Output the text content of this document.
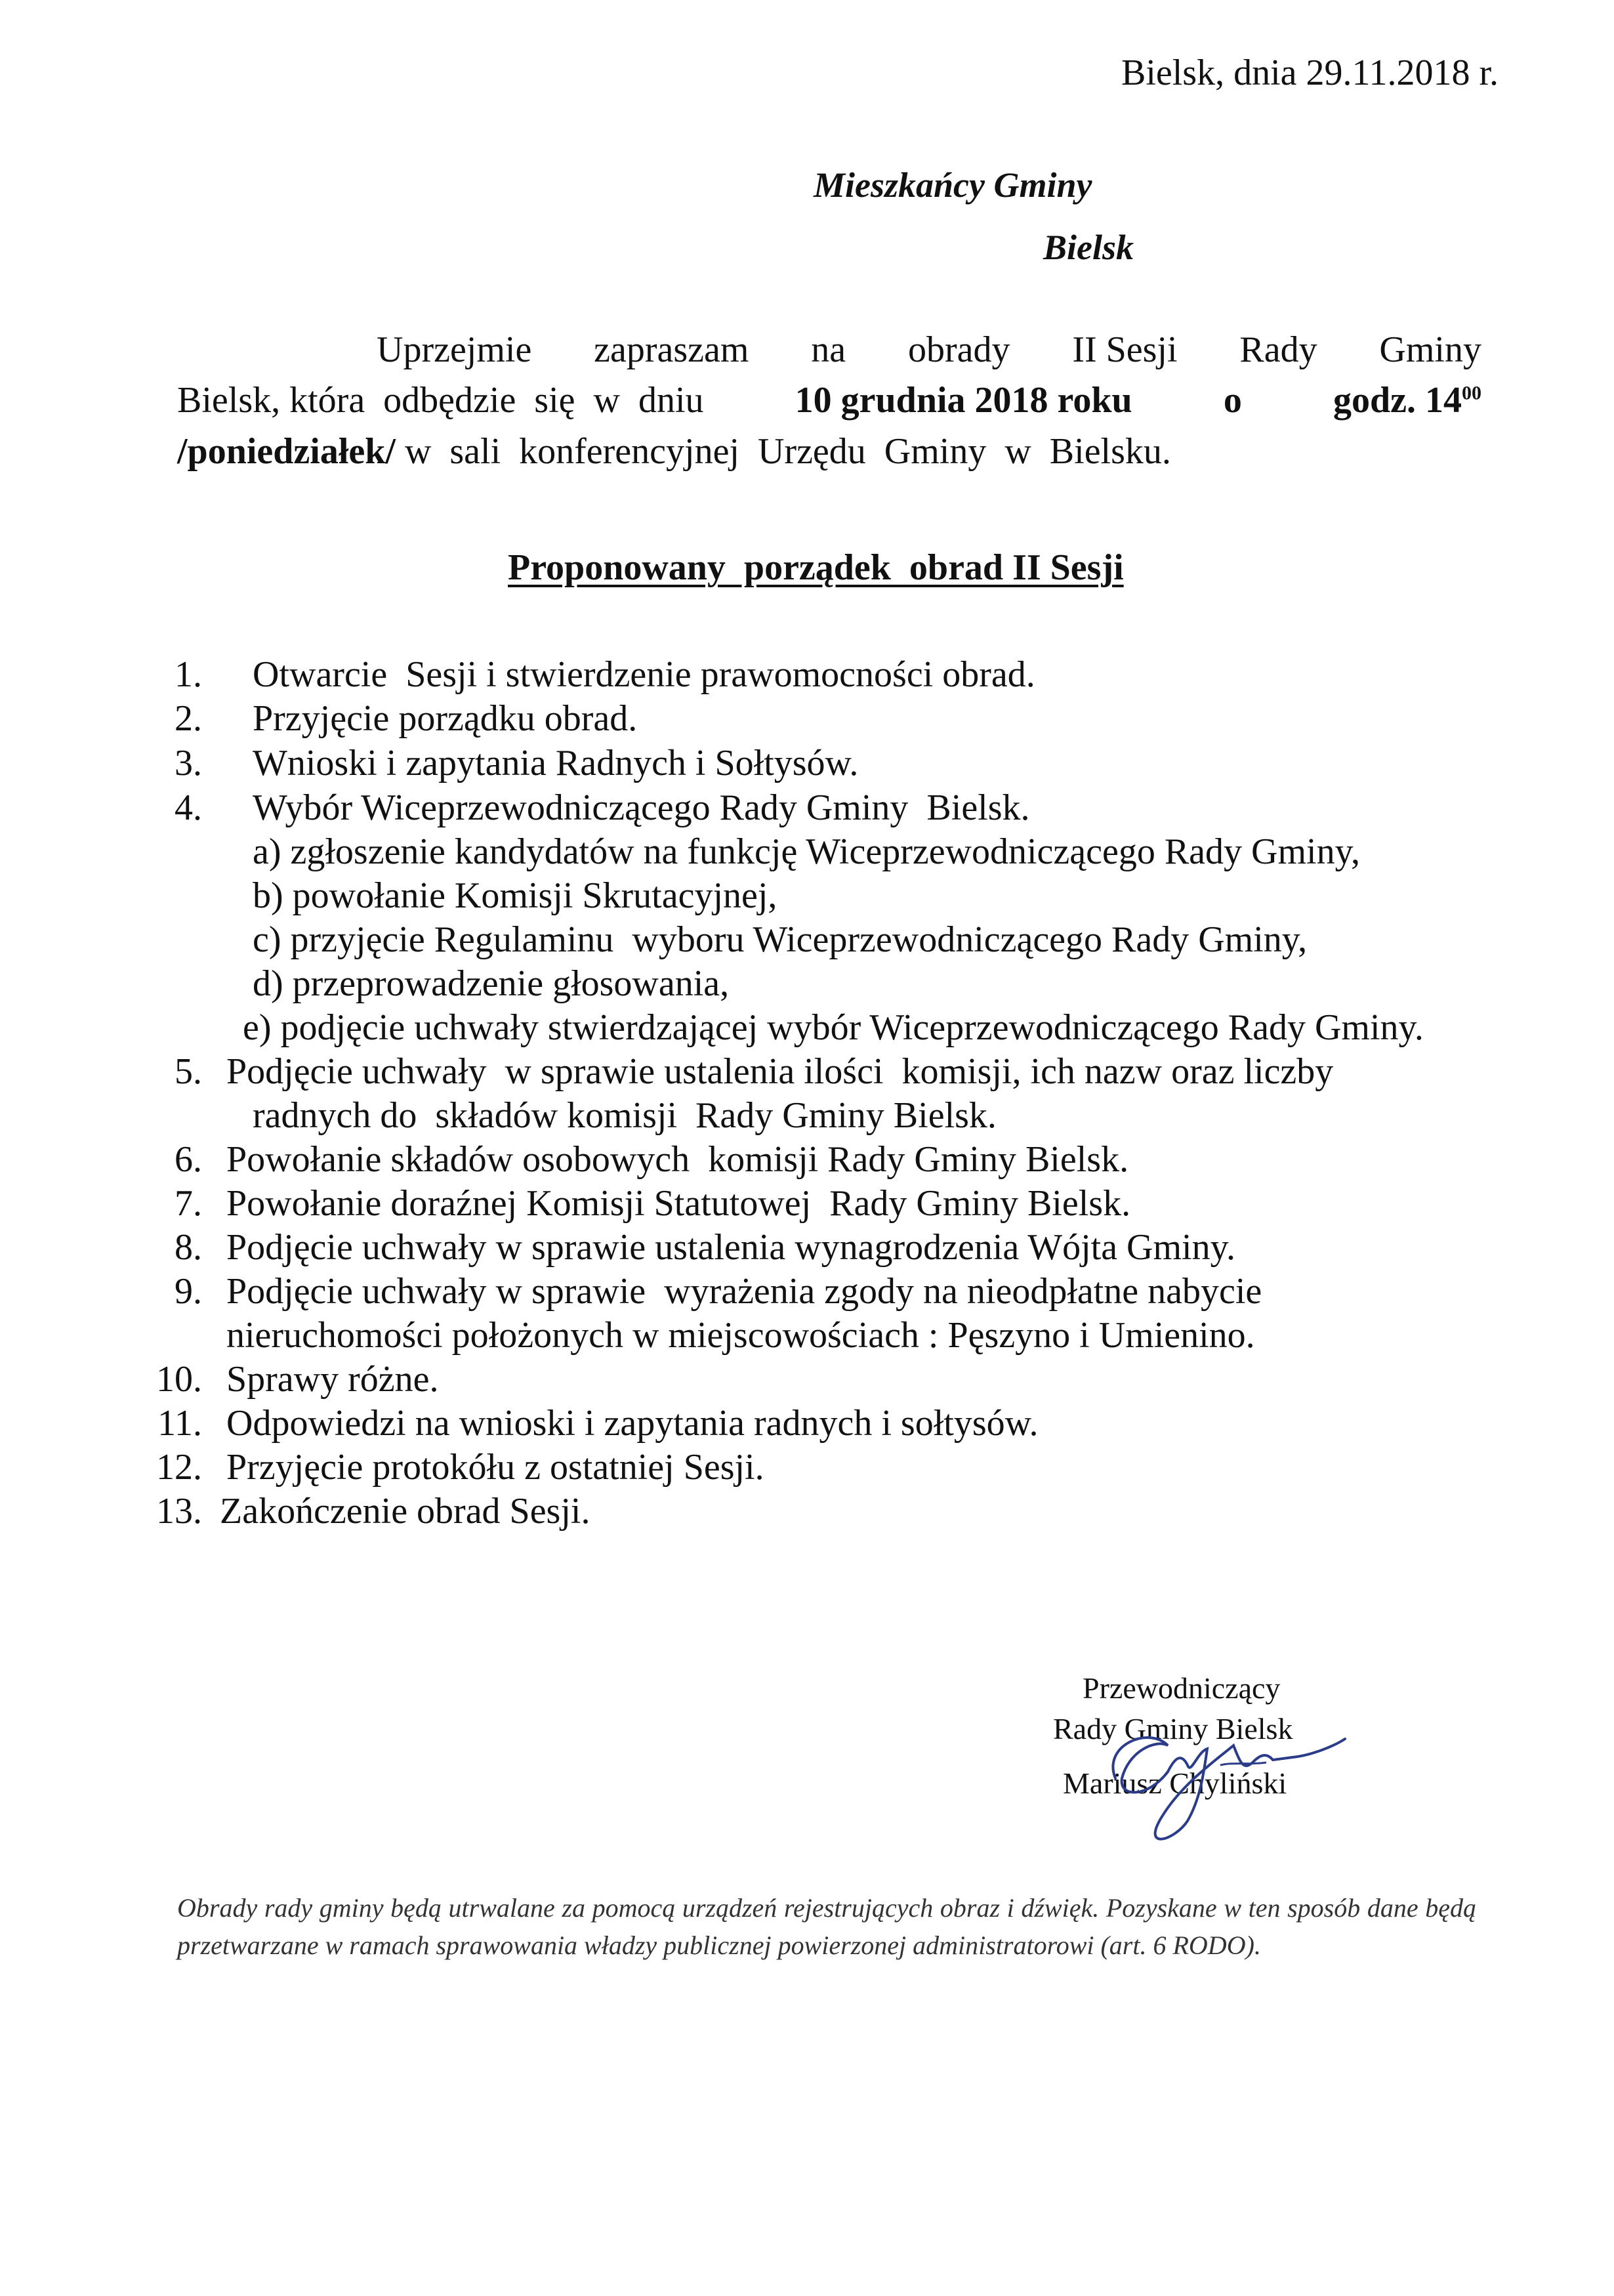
Bielsk, dnia 29.11.2018 r.
Mieszkańcy Gminy
Bielsk
Uprzejmie zapraszam na obrady II Sesji Rady Gminy
Bielsk, która  odbędzie  się  w  dniu 10 grudnia 2018 roku o godz. $14^{00}$
/poniedziałek/ w  sali  konferencyjnej  Urzędu  Gminy  w  Bielsku.
Proponowany  porządek  obrad II Sesji
1. Otwarcie  Sesji i stwierdzenie prawomocności obrad.
2. Przyjęcie porządku obrad.
3. Wnioski i zapytania Radnych i Sołtysów.
4. Wybór Wiceprzewodniczącego Rady Gminy  Bielsk.
a) zgłoszenie kandydatów na funkcję Wiceprzewodniczącego Rady Gminy,
b) powołanie Komisji Skrutacyjnej,
c) przyjęcie Regulaminu  wyboru Wiceprzewodniczącego Rady Gminy,
d) przeprowadzenie głosowania,
e) podjęcie uchwały stwierdzającej wybór Wiceprzewodniczącego Rady Gminy.
5. Podjęcie uchwały  w sprawie ustalenia ilości  komisji, ich nazw oraz liczby
radnych do  składów komisji  Rady Gminy Bielsk.
6. Powołanie składów osobowych  komisji Rady Gminy Bielsk.
7. Powołanie doraźnej Komisji Statutowej  Rady Gminy Bielsk.
8. Podjęcie uchwały w sprawie ustalenia wynagrodzenia Wójta Gminy.
9. Podjęcie uchwały w sprawie  wyrażenia zgody na nieodpłatne nabycie
nieruchomości położonych w miejscowościach : Pęszyno i Umienino.
10. Sprawy różne.
11. Odpowiedzi na wnioski i zapytania radnych i sołtysów.
12. Przyjęcie protokółu z ostatniej Sesji.
13. Zakończenie obrad Sesji.
Przewodniczący
Rady Gminy Bielsk
Mariusz Chyliński
Obrady rady gminy będą utrwalane za pomocą urządzeń rejestrujących obraz i dźwięk. Pozyskane w ten sposób dane będą przetwarzane w ramach sprawowania władzy publicznej powierzonej administratorowi (art. 6 RODO).
